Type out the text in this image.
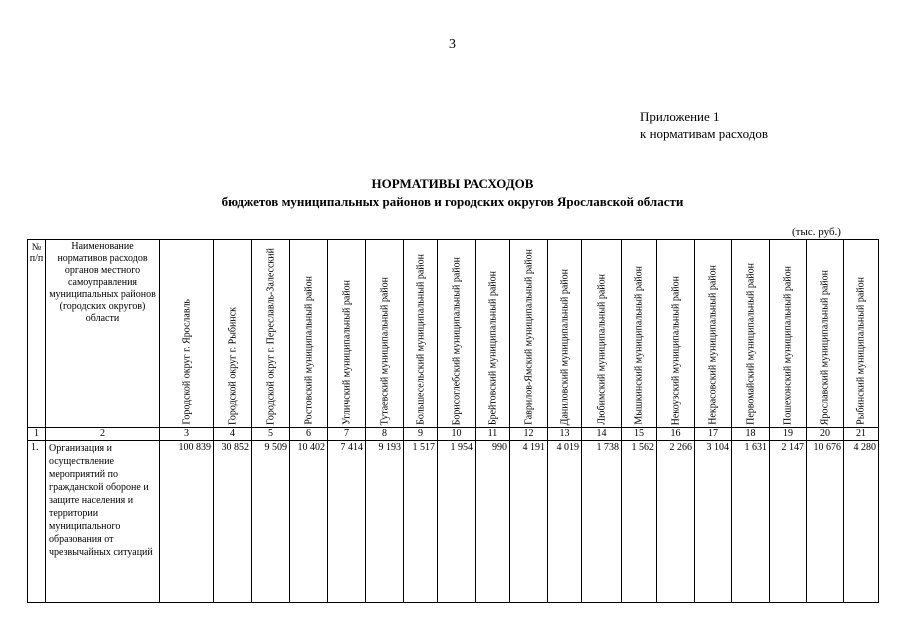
3
Приложение 1
к нормативам расходов
НОРМАТИВЫ РАСХОДОВ
бюджетов муниципальных районов и городских округов Ярославской области
(тыс. руб.)
№ п/п	Наименование нормативов расходов органов местного самоуправления муниципальных районов (городских округов) области	Городской округ г. Ярославль	Городской округ г. Рыбинск	Городской округ г. Переславль-Залесский	Ростовский муниципальный район	Угличский муниципальный район	Тутаевский муниципальный район	Большесельский муниципальный район	Борисоглебский муниципальный район	Брейтовский муниципальный район	Гаврилов-Ямский муниципальный район	Даниловский муниципальный район	Любимский муниципальный район	Мышкинский муниципальный район	Некоузский муниципальный район	Некрасовский муниципальный район	Первомайский муниципальный район	Пошехонский муниципальный район	Ярославский муниципальный район	Рыбинский муниципальный район

1	2	3	4	5	6	7	8	9	10	11	12	13	14	15	16	17	18	19	20	21
1.	Организация и осуществление мероприятий по гражданской обороне и защите населения и территории муниципального образования от чрезвычайных ситуаций	100 839	30 852	9 509	10 402	7 414	9 193	1 517	1 954	990	4 191	4 019	1 738	1 562	2 266	3 104	1 631	2 147	10 676	4 280
